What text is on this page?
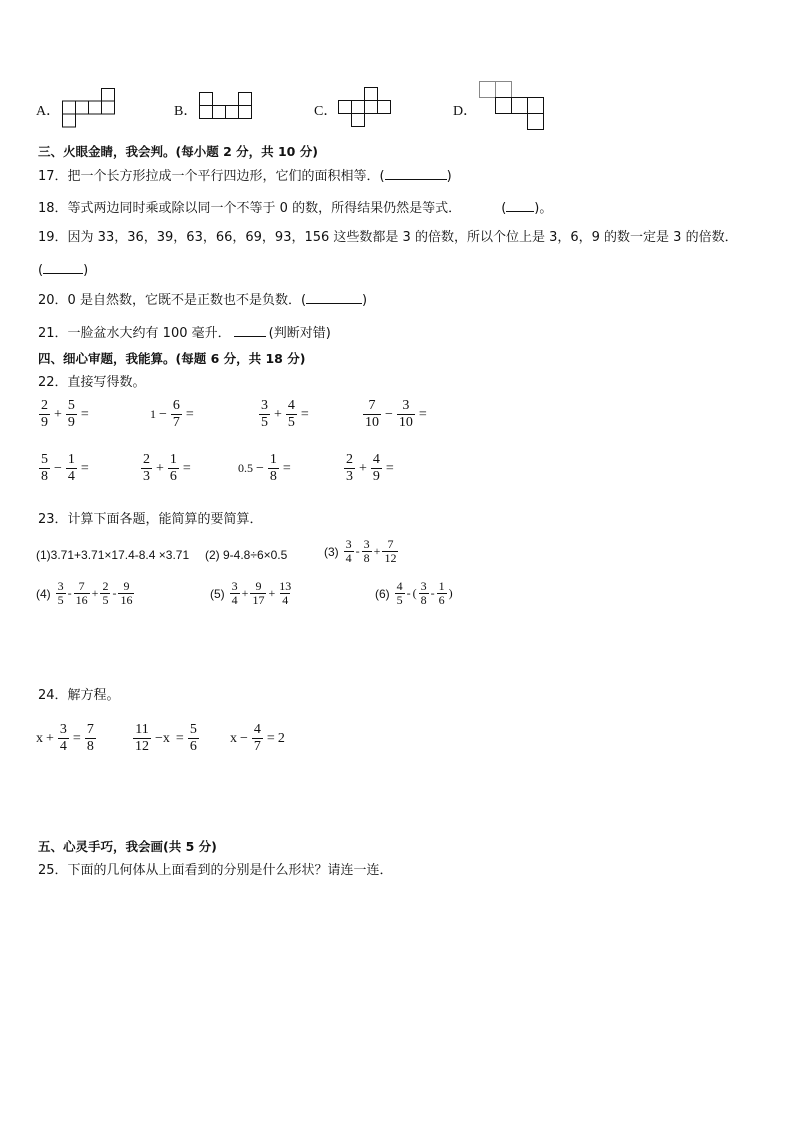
A．	B．	C．	D．
三、火眼金睛，我会判。(每小题 2 分，共 10 分)
17．把一个长方形拉成一个平行四边形，它们的面积相等．(	)
18．等式两边同时乘或除以同一个不等于 0 的数，所得结果仍然是等式．	( )。
19．因为 33，36，39，63，66，69，93，156 这些数都是 3 的倍数，所以个位上是 3，6，9 的数一定是 3 的倍数．
(	)
20．0 是自然数，它既不是正数也不是负数．(	)
21．一脸盆水大约有 100 毫升．	(判断对错)
四、细心审题，我能算。(每题 6 分，共 18 分)
22．直接写得数。
$\frac{2}{9} + \frac{5}{9}$ =	$1 - \frac{6}{7}$ =	$\frac{3}{5} + \frac{4}{5}$ =	$\frac{7}{10} - \frac{3}{10}$ =
$\frac{5}{8} - \frac{1}{4}$ =	$\frac{2}{3} + \frac{1}{6}$ =	$0.5 - \frac{1}{8}$ =	$\frac{2}{3} + \frac{4}{9}$ =
23．计算下面各题，能简算的要简算．
(1)3.71+3.71×17.4-8.4 ×3.71 (2) 9-4.8÷6×0.5	$(3) \frac{3}{4} - \frac{3}{8} + \frac{7}{12}$
$(4) \frac{3}{5} - \frac{7}{16} + \frac{2}{5} - \frac{9}{16}$	$(5) \frac{3}{4} + \frac{9}{17} + \frac{13}{4}$	$(6) \frac{4}{5}$ - ( $\frac{3}{8} - \frac{1}{6}$ )
24．解方程。
$x + \frac{3}{4} = \frac{7}{8}$	$\frac{11}{12} -x = \frac{5}{6}$ $x - \frac{4}{7} = 2$
五、心灵手巧，我会画(共 5 分)
25．下面的几何体从上面看到的分别是什么形状？请连一连．
